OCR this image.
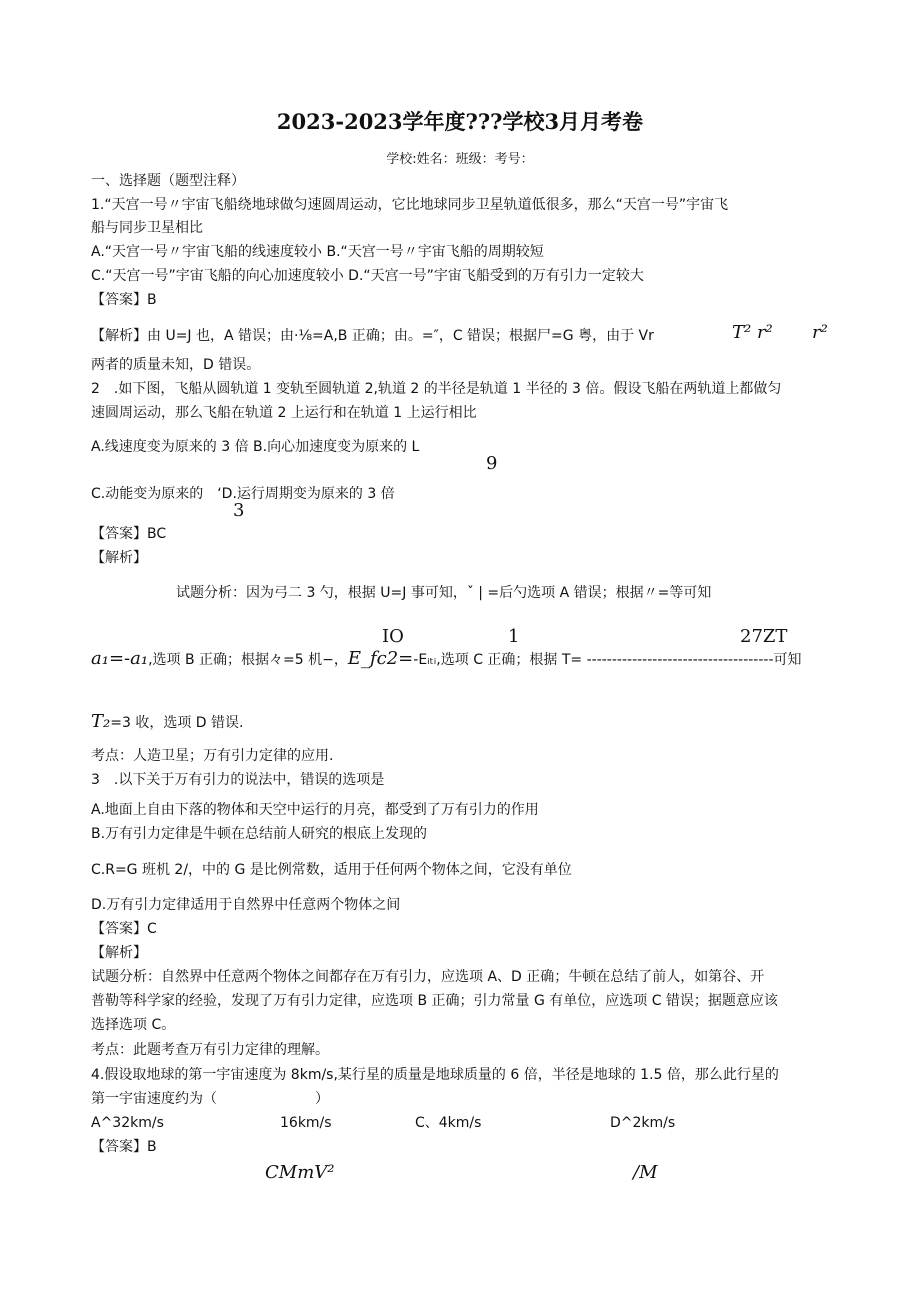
2023-2023学年度???学校3月月考卷
学校:姓名：班级：考号：
一、选择题（题型注释）
1.“天宫一号〃宇宙飞船绕地球做匀速圆周运动，它比地球同步卫星轨道低很多，那么“天宫一号”宇宙飞
船与同步卫星相比
A.“天宫一号〃宇宙飞船的线速度较小 B.“天宫一号〃宇宙飞船的周期较短
C.“天宫一号”宇宙飞船的向心加速度较小 D.“天宫一号”宇宙飞船受到的万有引力一定较大
【答案】B
【解析】由 U=J 也，A 错误；由·⅛=A,B 正确；由。=″，C 错误；根据尸=G 粤，由于 Vr	T² r² r²
两者的质量未知，D 错误。
2　.如下图，飞船从圆轨道 1 变轨至圆轨道 2,轨道 2 的半径是轨道 1 半径的 3 倍。假设飞船在两轨道上都做匀
速圆周运动，那么飞船在轨道 2 上运行和在轨道 1 上运行相比
A.线速度变为原来的 3 倍 B.向心加速度变为原来的 L
9
C.动能变为原来的　‘D.运行周期变为原来的 3 倍
3
【答案】BC
【解析】
试题分析：因为弓二 3 勺，根据 U=J 事可知，ˇ | =后勺选项 A 错误；根据〃=等可知
IO	1	27ZT
a₁=-a₁,选项 B 正确；根据々=5 机−，E_fc2=-Eᵢₜᵢ,选项 C 正确；根据 T= -------------------------------------可知
T₂=3 收，选项 D 错误.
考点：人造卫星；万有引力定律的应用.
3　.以下关于万有引力的说法中，错误的选项是
A.地面上自由下落的物体和天空中运行的月亮，都受到了万有引力的作用
B.万有引力定律是牛顿在总结前人研究的根底上发现的
C.R=G 班机 2/，中的 G 是比例常数，适用于任何两个物体之间，它没有单位
D.万有引力定律适用于自然界中任意两个物体之间
【答案】C
【解析】
试题分析：自然界中任意两个物体之间都存在万有引力，应选项 A、D 正确；牛顿在总结了前人，如第谷、开
普勒等科学家的经验，发现了万有引力定律，应选项 B 正确；引力常量 G 有单位，应选项 C 错误；据题意应该
选择选项 C。
考点：此题考查万有引力定律的理解。
4.假设取地球的第一宇宙速度为 8km/s,某行星的质量是地球质量的 6 倍，半径是地球的 1.5 倍，那么此行星的
第一宇宙速度约为（　　　　　　　）
A^32km/s	16km/s	C、4km/s	D^2km/s
【答案】B
CMmV²	/M
